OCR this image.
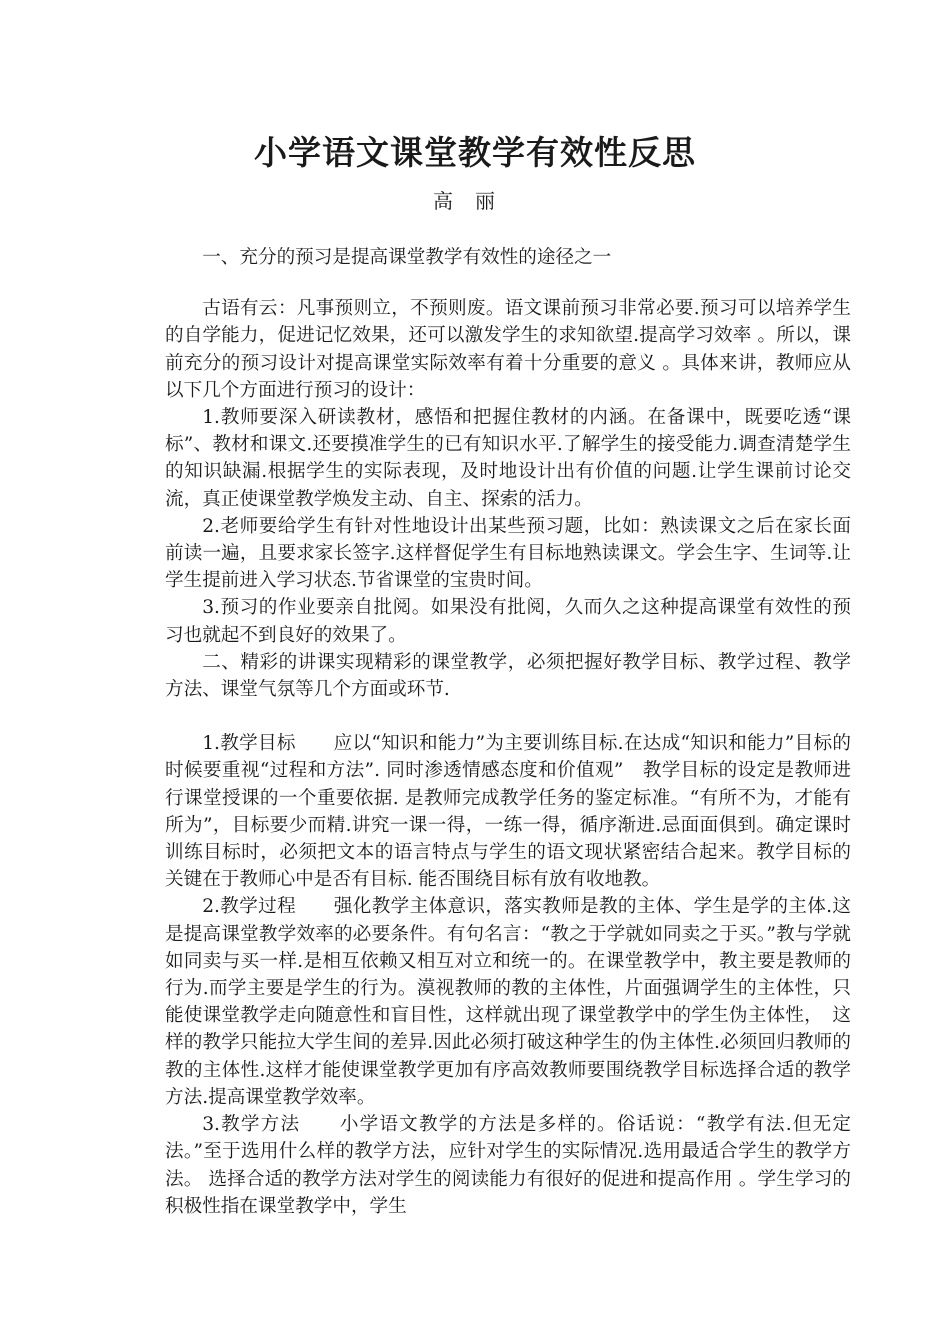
小学语文课堂教学有效性反思
高丽

一、充分的预习是提高课堂教学有效性的途径之一

古语有云：凡事预则立，不预则废。语文课前预习非常必要.预习可以培养学生的自学能力，促进记忆效果，还可以激发学生的求知欲望.提高学习效率 。所以，课前充分的预习设计对提高课堂实际效率有着十分重要的意义 。具体来讲，教师应从以下几个方面进行预习的设计：

1.教师要深入研读教材，感悟和把握住教材的内涵。在备课中，既要吃透“课标”、教材和课文.还要摸准学生的已有知识水平.了解学生的接受能力.调查清楚学生的知识缺漏.根据学生的实际表现，及时地设计出有价值的问题.让学生课前讨论交流，真正使课堂教学焕发主动、自主、探索的活力。

2.老师要给学生有针对性地设计出某些预习题，比如：熟读课文之后在家长面前读一遍，且要求家长签字.这样督促学生有目标地熟读课文。学会生字、生词等.让学生提前进入学习状态.节省课堂的宝贵时间。

3.预习的作业要亲自批阅。如果没有批阅，久而久之这种提高课堂有效性的预习也就起不到良好的效果了。

二、精彩的讲课实现精彩的课堂教学，必须把握好教学目标、教学过程、教学方法、课堂气氛等几个方面或环节.

1.教学目标　　应以“知识和能力”为主要训练目标.在达成“知识和能力”目标的时候要重视“过程和方法”. 同时渗透情感态度和价值观”　教学目标的设定是教师进行课堂授课的一个重要依据. 是教师完成教学任务的鉴定标准。“有所不为，才能有所为”，目标要少而精.讲究一课一得，一练一得，循序渐进.忌面面俱到。确定课时训练目标时，必须把文本的语言特点与学生的语文现状紧密结合起来。教学目标的关键在于教师心中是否有目标. 能否围绕目标有放有收地教。

2.教学过程　　强化教学主体意识，落实教师是教的主体、学生是学的主体.这是提高课堂教学效率的必要条件。有句名言：“教之于学就如同卖之于买。”教与学就如同卖与买一样.是相互依赖又相互对立和统一的。在课堂教学中，教主要是教师的行为.而学主要是学生的行为。漠视教师的教的主体性，片面强调学生的主体性，只能使课堂教学走向随意性和盲目性，这样就出现了课堂教学中的学生伪主体性，　这样的教学只能拉大学生间的差异.因此必须打破这种学生的伪主体性.必须回归教师的教的主体性.这样才能使课堂教学更加有序高效教师要围绕教学目标选择合适的教学方法.提高课堂教学效率。

3.教学方法　　小学语文教学的方法是多样的。俗话说：“教学有法.但无定法。”至于选用什么样的教学方法，应针对学生的实际情况.选用最适合学生的教学方法。 选择合适的教学方法对学生的阅读能力有很好的促进和提高作用 。学生学习的积极性指在课堂教学中，学生
